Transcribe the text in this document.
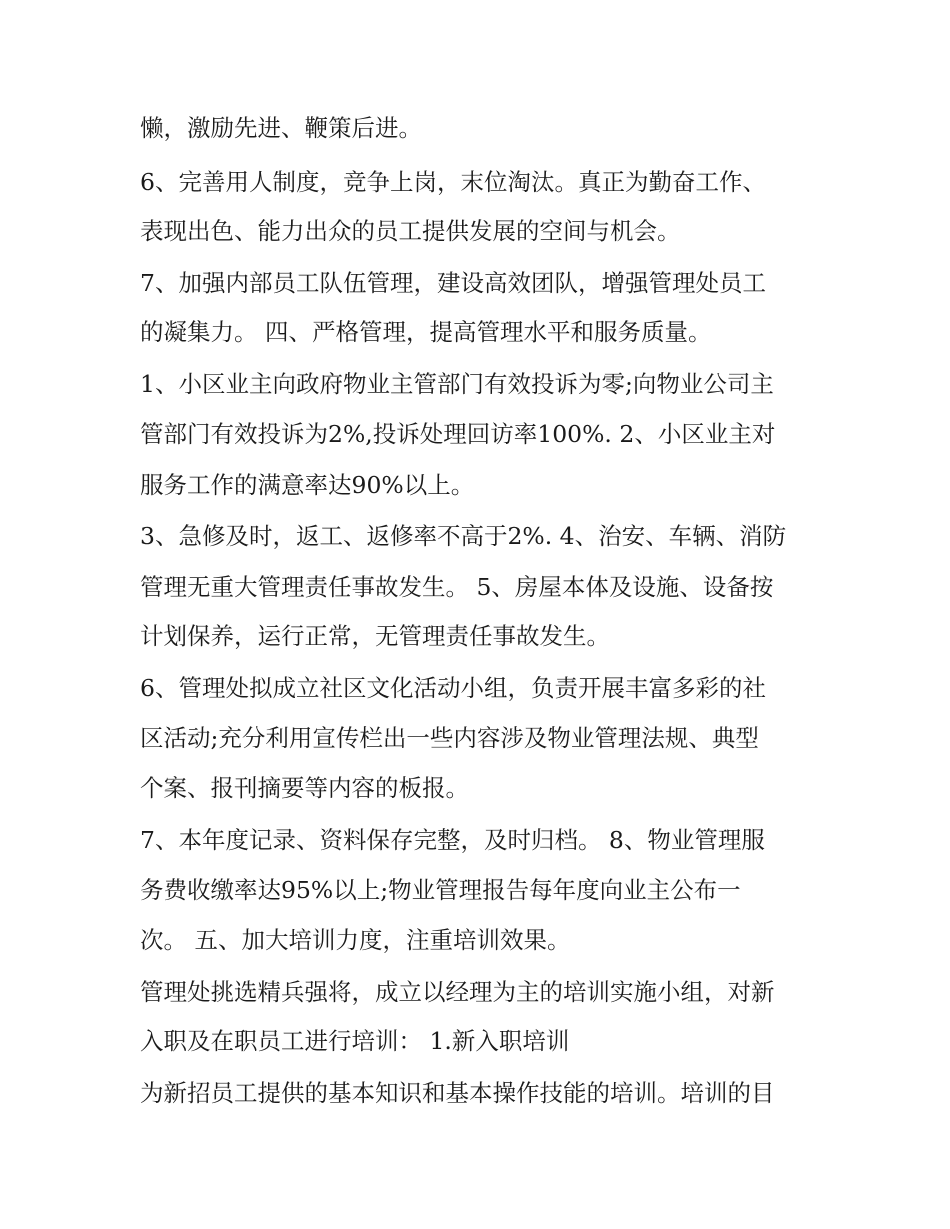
懒，激励先进、鞭策后进。
6、完善用人制度，竞争上岗，末位淘汰。真正为勤奋工作、
表现出色、能力出众的员工提供发展的空间与机会。
7、加强内部员工队伍管理，建设高效团队，增强管理处员工
的凝集力。 四、严格管理，提高管理水平和服务质量。
1、小区业主向政府物业主管部门有效投诉为零;向物业公司主
管部门有效投诉为2%,投诉处理回访率100%. 2、小区业主对
服务工作的满意率达90%以上。
3、急修及时，返工、返修率不高于2%. 4、治安、车辆、消防
管理无重大管理责任事故发生。 5、房屋本体及设施、设备按
计划保养，运行正常，无管理责任事故发生。
6、管理处拟成立社区文化活动小组，负责开展丰富多彩的社
区活动;充分利用宣传栏出一些内容涉及物业管理法规、典型
个案、报刊摘要等内容的板报。
7、本年度记录、资料保存完整，及时归档。 8、物业管理服
务费收缴率达95%以上;物业管理报告每年度向业主公布一
次。 五、加大培训力度，注重培训效果。
管理处挑选精兵强将，成立以经理为主的培训实施小组，对新
入职及在职员工进行培训： 1.新入职培训
为新招员工提供的基本知识和基本操作技能的培训。培训的目
